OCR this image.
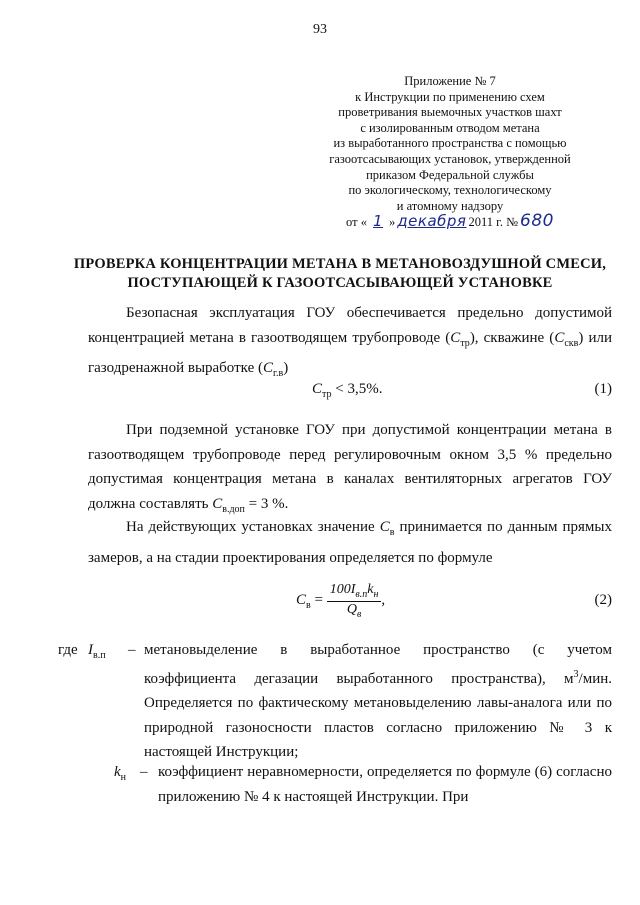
93
Приложение № 7
к Инструкции по применению схем
проветривания выемочных участков шахт
с изолированным отводом метана
из выработанного пространства с помощью
газоотсасывающих установок, утвержденной
приказом Федеральной службы
по экологическому, технологическому
и атомному надзору
от « 1 » декабря 2011 г. № 680
ПРОВЕРКА КОНЦЕНТРАЦИИ МЕТАНА В МЕТАНОВОЗДУШНОЙ СМЕСИ,
ПОСТУПАЮЩЕЙ К ГАЗООТСАСЫВАЮЩЕЙ УСТАНОВКЕ
Безопасная эксплуатация ГОУ обеспечивается предельно допустимой концентрацией метана в газоотводящем трубопроводе $(C_{тр})$, скважине $(C_{скв})$ или газодренажной выработке $(C_{г.в})$
$C_{тр} < 3,5\%$.	(1)
При подземной установке ГОУ при допустимой концентрации метана в газоотводящем трубопроводе перед регулировочным окном 3,5 % предельно допустимая концентрация метана в каналах вентиляторных агрегатов ГОУ должна составлять $C_{в.доп} = 3$ %.
На действующих установках значение $C_в$ принимается по данным прямых замеров, а на стадии проектирования определяется по формуле
$C_в = \frac{100I_{в.п}k_н}{Q_в}$ ,	(2)
где $I_{в.п}$ – метановыделение в выработанное пространство (с учетом коэффициента дегазации выработанного пространства), $м^3$/мин. Определяется по фактическому метановыделению лавы-аналога или по природной газоносности пластов согласно приложению № 3 к настоящей Инструкции;
$k_н$ – коэффициент неравномерности, определяется по формуле (6) согласно приложению № 4 к настоящей Инструкции. При
